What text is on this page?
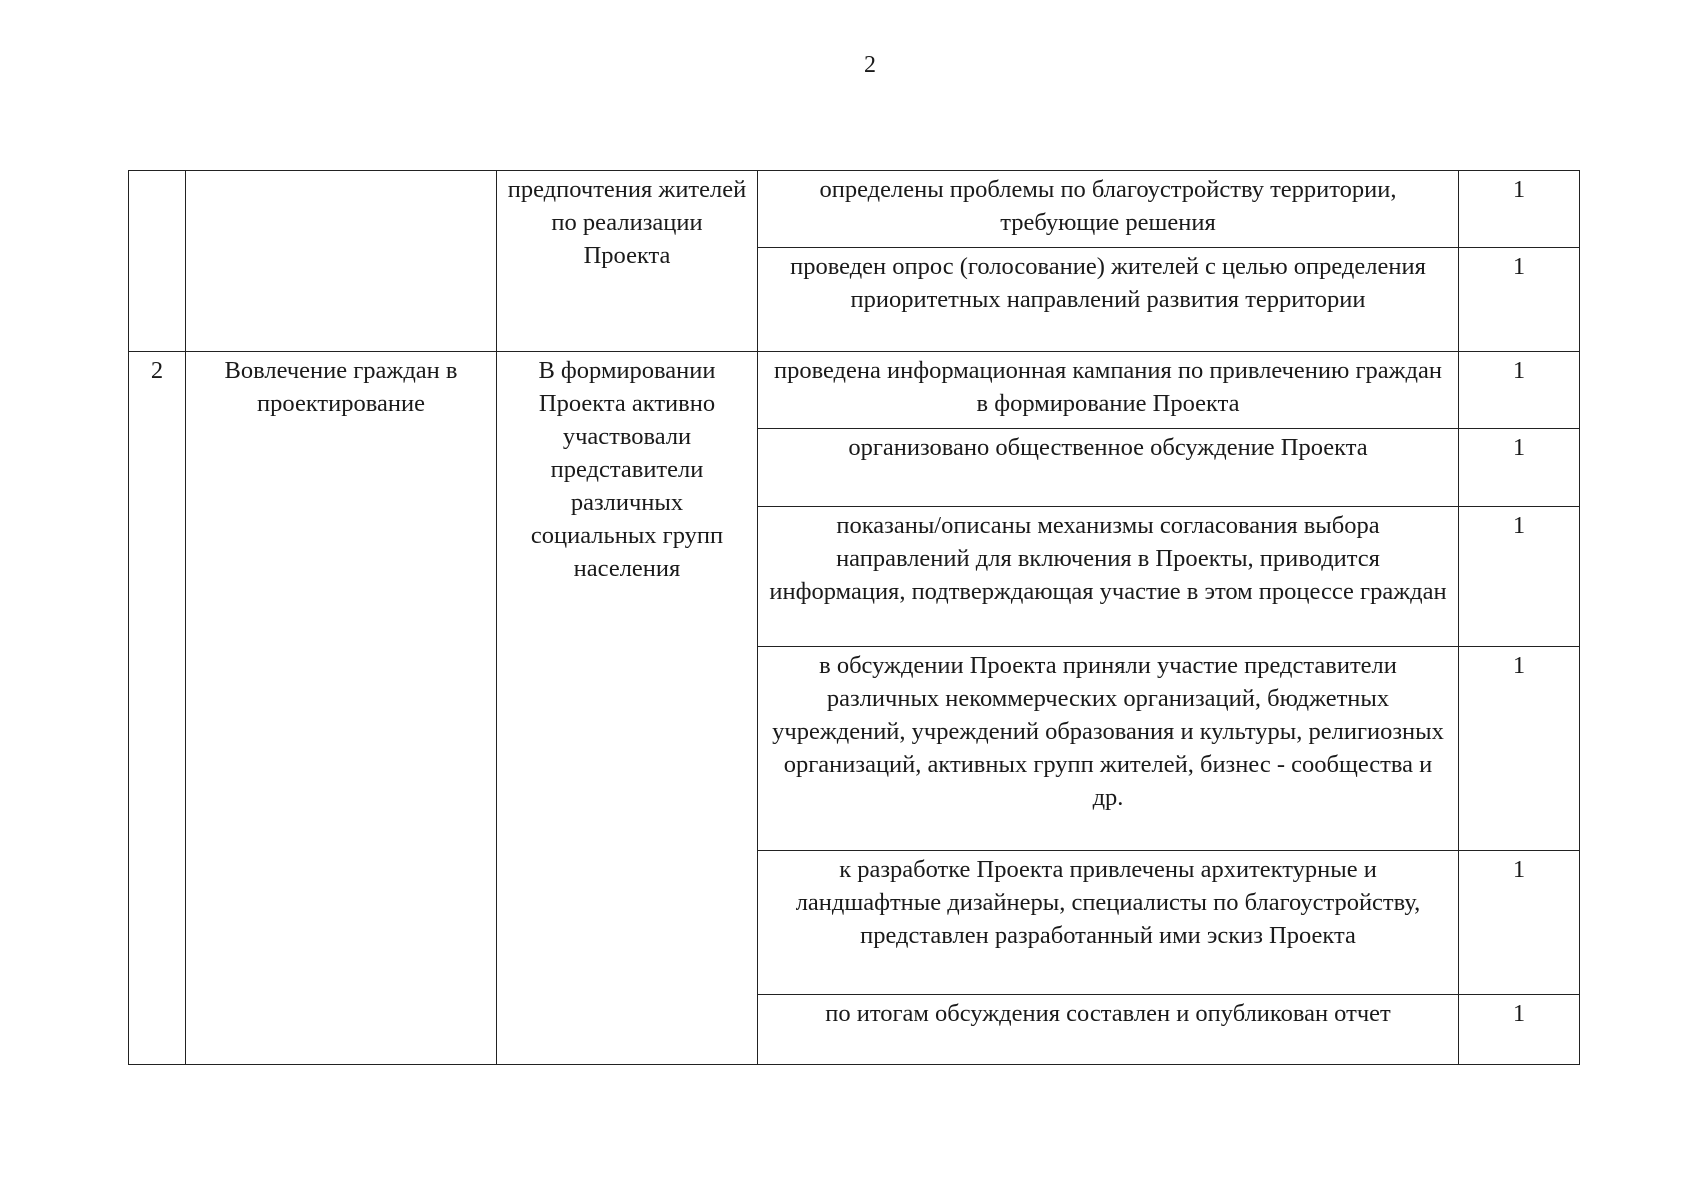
2
		предпочтения жителей по реализации Проекта	определены проблемы по благоустройству территории, требующие решения	1
			проведен опрос (голосование) жителей с целью определения приоритетных направлений развития территории	1
2	Вовлечение граждан в проектирование	В формировании Проекта активно участвовали представители различных социальных групп населения	проведена информационная кампания по привлечению граждан в формирование Проекта	1
			организовано общественное обсуждение Проекта	1
			показаны/описаны механизмы согласования выбора направлений для включения в Проекты, приводится информация, подтверждающая участие в этом процессе граждан	1
			в обсуждении Проекта приняли участие представители различных некоммерческих организаций, бюджетных учреждений, учреждений образования и культуры, религиозных организаций, активных групп жителей, бизнес - сообщества и др.	1
			к разработке Проекта привлечены архитектурные и ландшафтные дизайнеры, специалисты по благоустройству, представлен разработанный ими эскиз Проекта	1
			по итогам обсуждения составлен и опубликован отчет	1
